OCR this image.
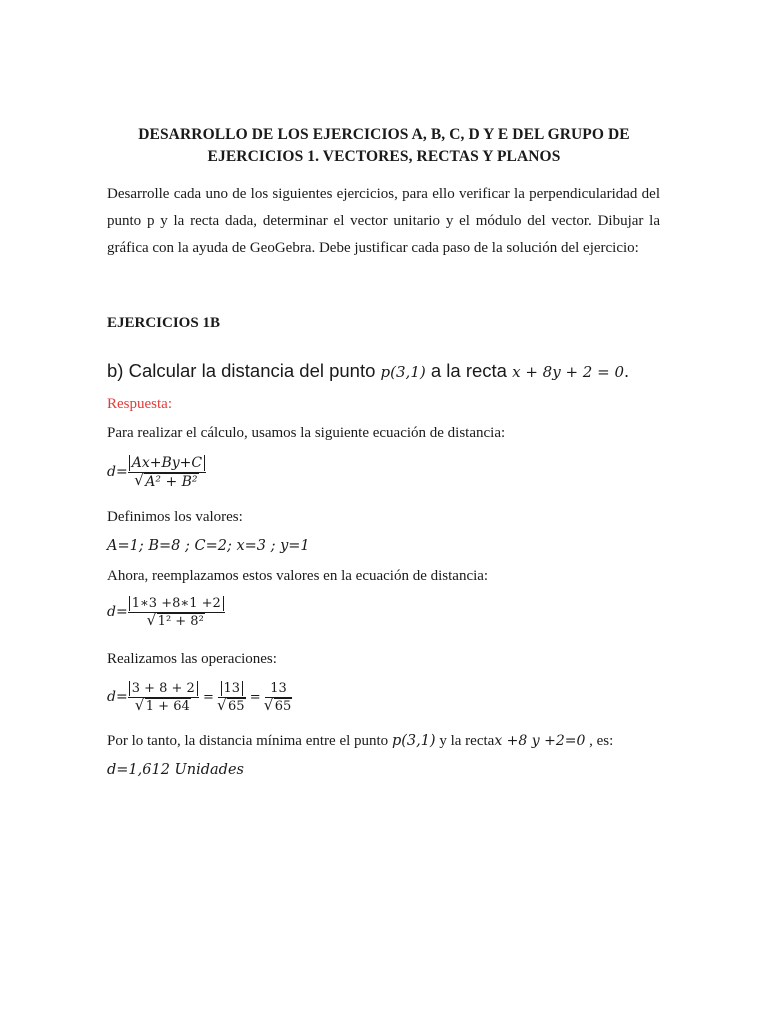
DESARROLLO DE LOS EJERCICIOS A, B, C, D Y E DEL GRUPO DE
EJERCICIOS 1. VECTORES, RECTAS Y PLANOS
Desarrolle cada uno de los siguientes ejercicios, para ello verificar la perpendicularidad del
punto p y la recta dada, determinar el vector unitario y el módulo del vector. Dibujar la
gráfica con la ayuda de GeoGebra. Debe justificar cada paso de la solución del ejercicio:
EJERCICIOS 1B
b) Calcular la distancia del punto p(3,1) a la recta x + 8y + 2 = 0.
Respuesta:
Para realizar el cálculo, usamos la siguiente ecuación de distancia:
d= Ax+By+C
√ A² + B²
Definimos los valores:
A=1; B=8 ; C=2; x=3 ; y=1
Ahora, reemplazamos estos valores en la ecuación de distancia:
d= 1∗3 +8∗1 +2
√ 1² + 8²
Realizamos las operaciones:
d= 3 + 8 + 2
√ 1 + 64 = 13
√ 65 = 13
√ 65
Por lo tanto, la distancia mínima entre el punto p(3,1) y la rectax +8 y +2=0 , es:
d=1,612 Unidades
